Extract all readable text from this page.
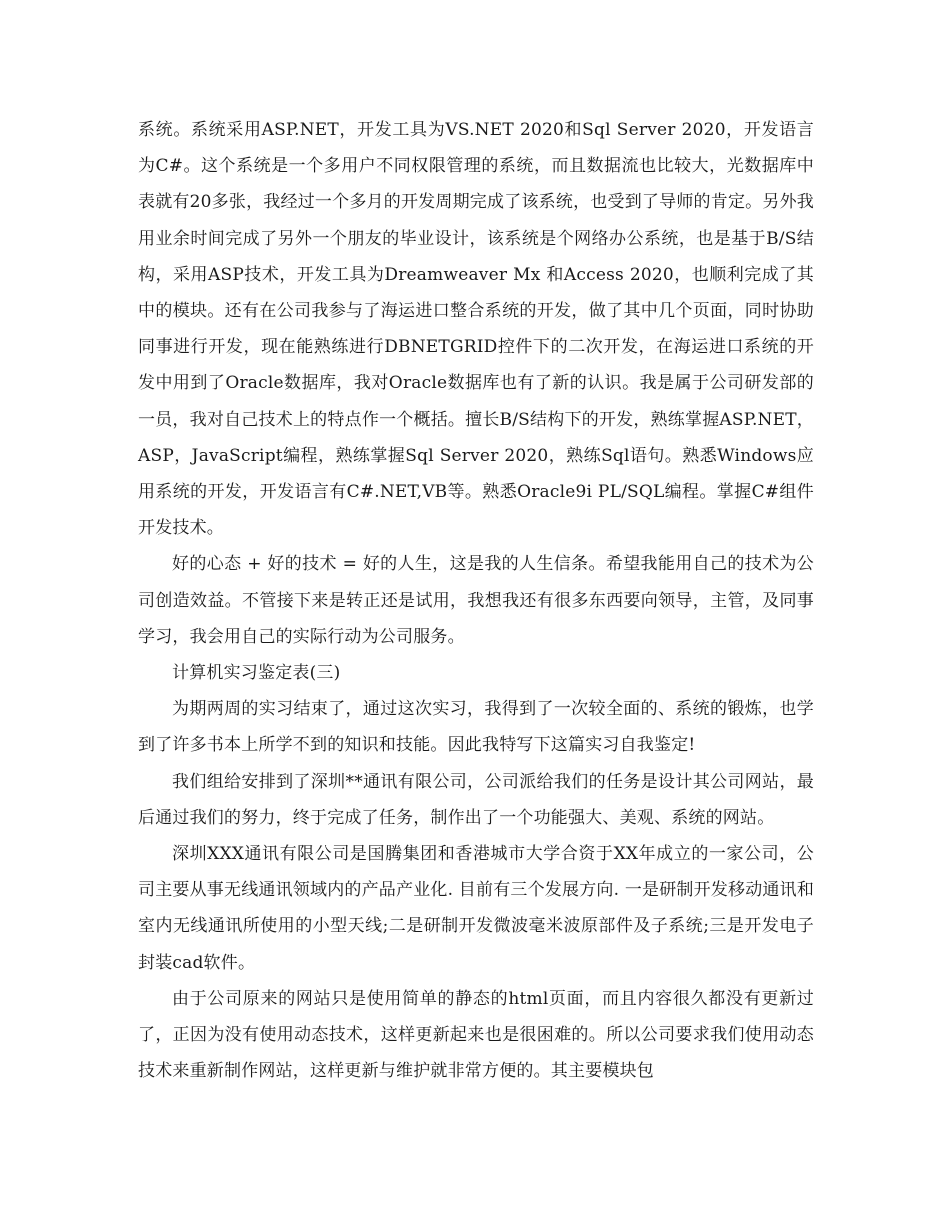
系统。系统采用ASP.NET，开发工具为VS.NET 2020和Sql Server 2020，开发语言为C#。这个系统是一个多用户不同权限管理的系统，而且数据流也比较大，光数据库中表就有20多张，我经过一个多月的开发周期完成了该系统，也受到了导师的肯定。另外我用业余时间完成了另外一个朋友的毕业设计，该系统是个网络办公系统，也是基于B/S结构，采用ASP技术，开发工具为Dreamweaver Mx 和Access 2020，也顺利完成了其中的模块。还有在公司我参与了海运进口整合系统的开发，做了其中几个页面，同时协助同事进行开发，现在能熟练进行DBNETGRID控件下的二次开发，在海运进口系统的开发中用到了Oracle数据库，我对Oracle数据库也有了新的认识。我是属于公司研发部的一员，我对自己技术上的特点作一个概括。擅长B/S结构下的开发，熟练掌握ASP.NET，ASP，JavaScript编程，熟练掌握Sql Server 2020，熟练Sql语句。熟悉Windows应用系统的开发，开发语言有C#.NET,VB等。熟悉Oracle9i PL/SQL编程。掌握C#组件开发技术。

好的心态 + 好的技术 = 好的人生，这是我的人生信条。希望我能用自己的技术为公司创造效益。不管接下来是转正还是试用，我想我还有很多东西要向领导，主管，及同事学习，我会用自己的实际行动为公司服务。

计算机实习鉴定表(三)

为期两周的实习结束了，通过这次实习，我得到了一次较全面的、系统的锻炼，也学到了许多书本上所学不到的知识和技能。因此我特写下这篇实习自我鉴定!

我们组给安排到了深圳**通讯有限公司，公司派给我们的任务是设计其公司网站，最后通过我们的努力，终于完成了任务，制作出了一个功能强大、美观、系统的网站。

深圳XXX通讯有限公司是国腾集团和香港城市大学合资于XX年成立的一家公司，公司主要从事无线通讯领域内的产品产业化. 目前有三个发展方向. 一是研制开发移动通讯和室内无线通讯所使用的小型天线;二是研制开发微波毫米波原部件及子系统;三是开发电子封装cad软件。

由于公司原来的网站只是使用简单的静态的html页面，而且内容很久都没有更新过了，正因为没有使用动态技术，这样更新起来也是很困难的。所以公司要求我们使用动态技术来重新制作网站，这样更新与维护就非常方便的。其主要模块包
